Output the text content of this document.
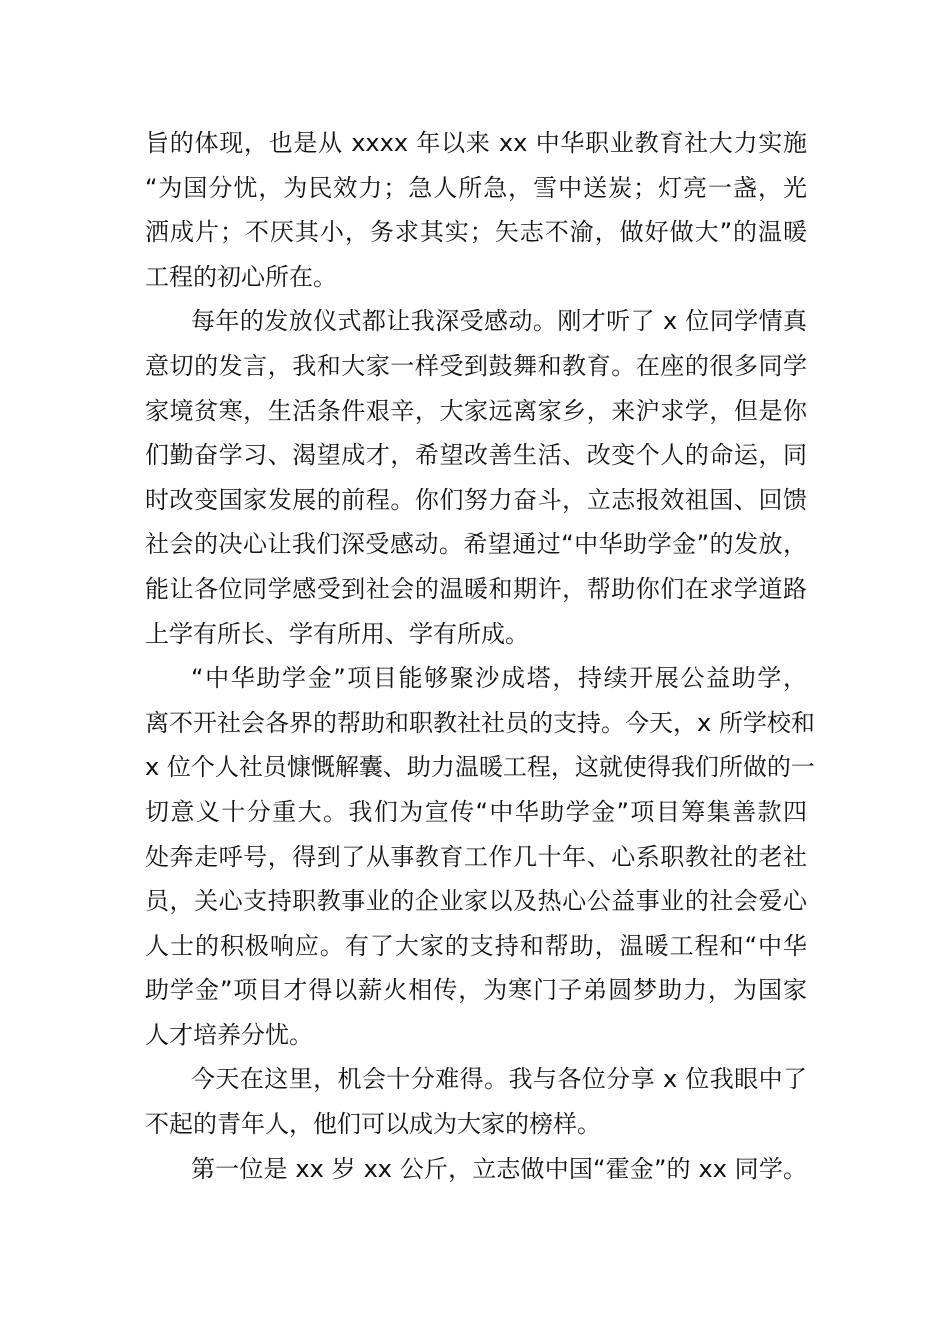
旨的体现，也是从 xxxx 年以来 xx 中华职业教育社大力实施
“为国分忧，为民效力；急人所急，雪中送炭；灯亮一盏，光
洒成片；不厌其小，务求其实；矢志不渝，做好做大”的温暖
工程的初心所在。
每年的发放仪式都让我深受感动。刚才听了 x 位同学情真
意切的发言，我和大家一样受到鼓舞和教育。在座的很多同学
家境贫寒，生活条件艰辛，大家远离家乡，来沪求学，但是你
们勤奋学习、渴望成才，希望改善生活、改变个人的命运，同
时改变国家发展的前程。你们努力奋斗，立志报效祖国、回馈
社会的决心让我们深受感动。希望通过“中华助学金”的发放，
能让各位同学感受到社会的温暖和期许，帮助你们在求学道路
上学有所长、学有所用、学有所成。
“中华助学金”项目能够聚沙成塔，持续开展公益助学，
离不开社会各界的帮助和职教社社员的支持。今天，x 所学校和
x 位个人社员慷慨解囊、助力温暖工程，这就使得我们所做的一
切意义十分重大。我们为宣传“中华助学金”项目筹集善款四
处奔走呼号，得到了从事教育工作几十年、心系职教社的老社
员，关心支持职教事业的企业家以及热心公益事业的社会爱心
人士的积极响应。有了大家的支持和帮助，温暖工程和“中华
助学金”项目才得以薪火相传，为寒门子弟圆梦助力，为国家
人才培养分忧。
今天在这里，机会十分难得。我与各位分享 x 位我眼中了
不起的青年人，他们可以成为大家的榜样。
第一位是 xx 岁 xx 公斤，立志做中国“霍金”的 xx 同学。
